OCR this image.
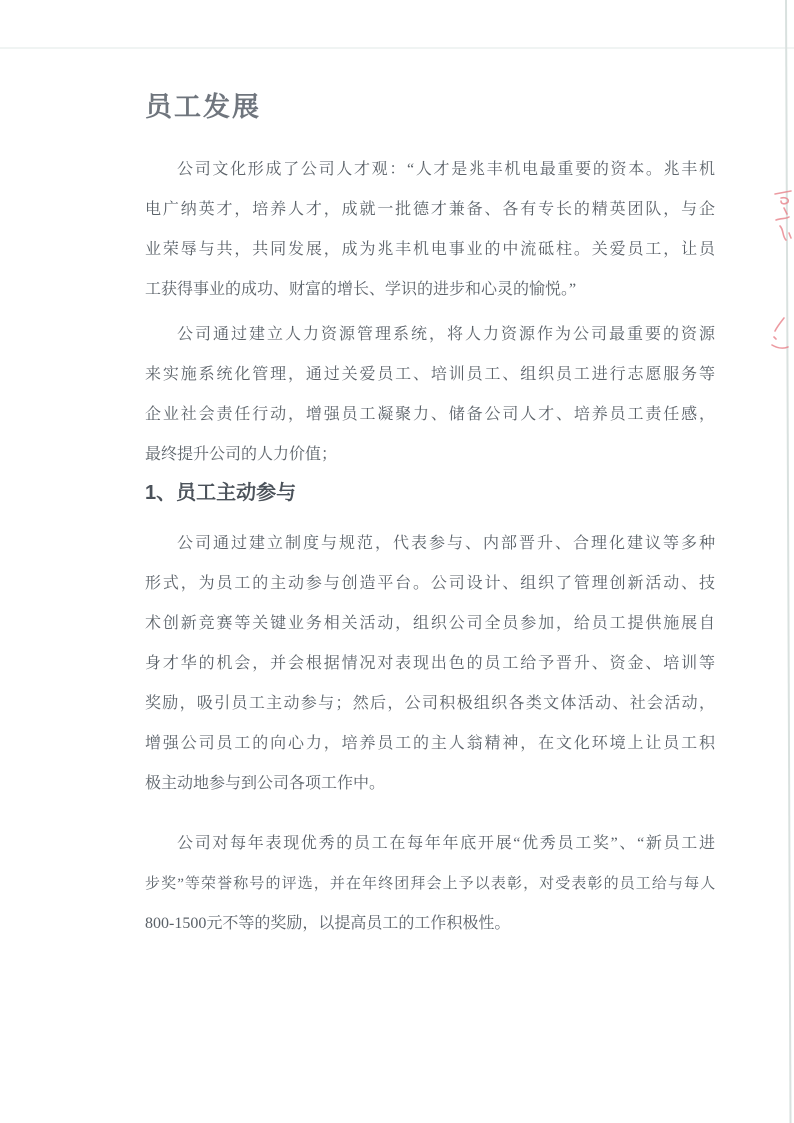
员工发展

公司文化形成了公司人才观：“人才是兆丰机电最重要的资本。兆丰机

电广纳英才，培养人才，成就一批德才兼备、各有专长的精英团队，与企

业荣辱与共，共同发展，成为兆丰机电事业的中流砥柱。关爱员工，让员

工获得事业的成功、财富的增长、学识的进步和心灵的愉悦。”

公司通过建立人力资源管理系统，将人力资源作为公司最重要的资源

来实施系统化管理，通过关爱员工、培训员工、组织员工进行志愿服务等

企业社会责任行动，增强员工凝聚力、储备公司人才、培养员工责任感，

最终提升公司的人力价值；

1、员工主动参与

公司通过建立制度与规范，代表参与、内部晋升、合理化建议等多种

形式，为员工的主动参与创造平台。公司设计、组织了管理创新活动、技

术创新竞赛等关键业务相关活动，组织公司全员参加，给员工提供施展自

身才华的机会，并会根据情况对表现出色的员工给予晋升、资金、培训等

奖励，吸引员工主动参与；然后，公司积极组织各类文体活动、社会活动，

增强公司员工的向心力，培养员工的主人翁精神，在文化环境上让员工积

极主动地参与到公司各项工作中。

公司对每年表现优秀的员工在每年年底开展“优秀员工奖”、“新员工进

步奖”等荣誉称号的评选，并在年终团拜会上予以表彰，对受表彰的员工给与每人

800-1500元不等的奖励，以提高员工的工作积极性。
